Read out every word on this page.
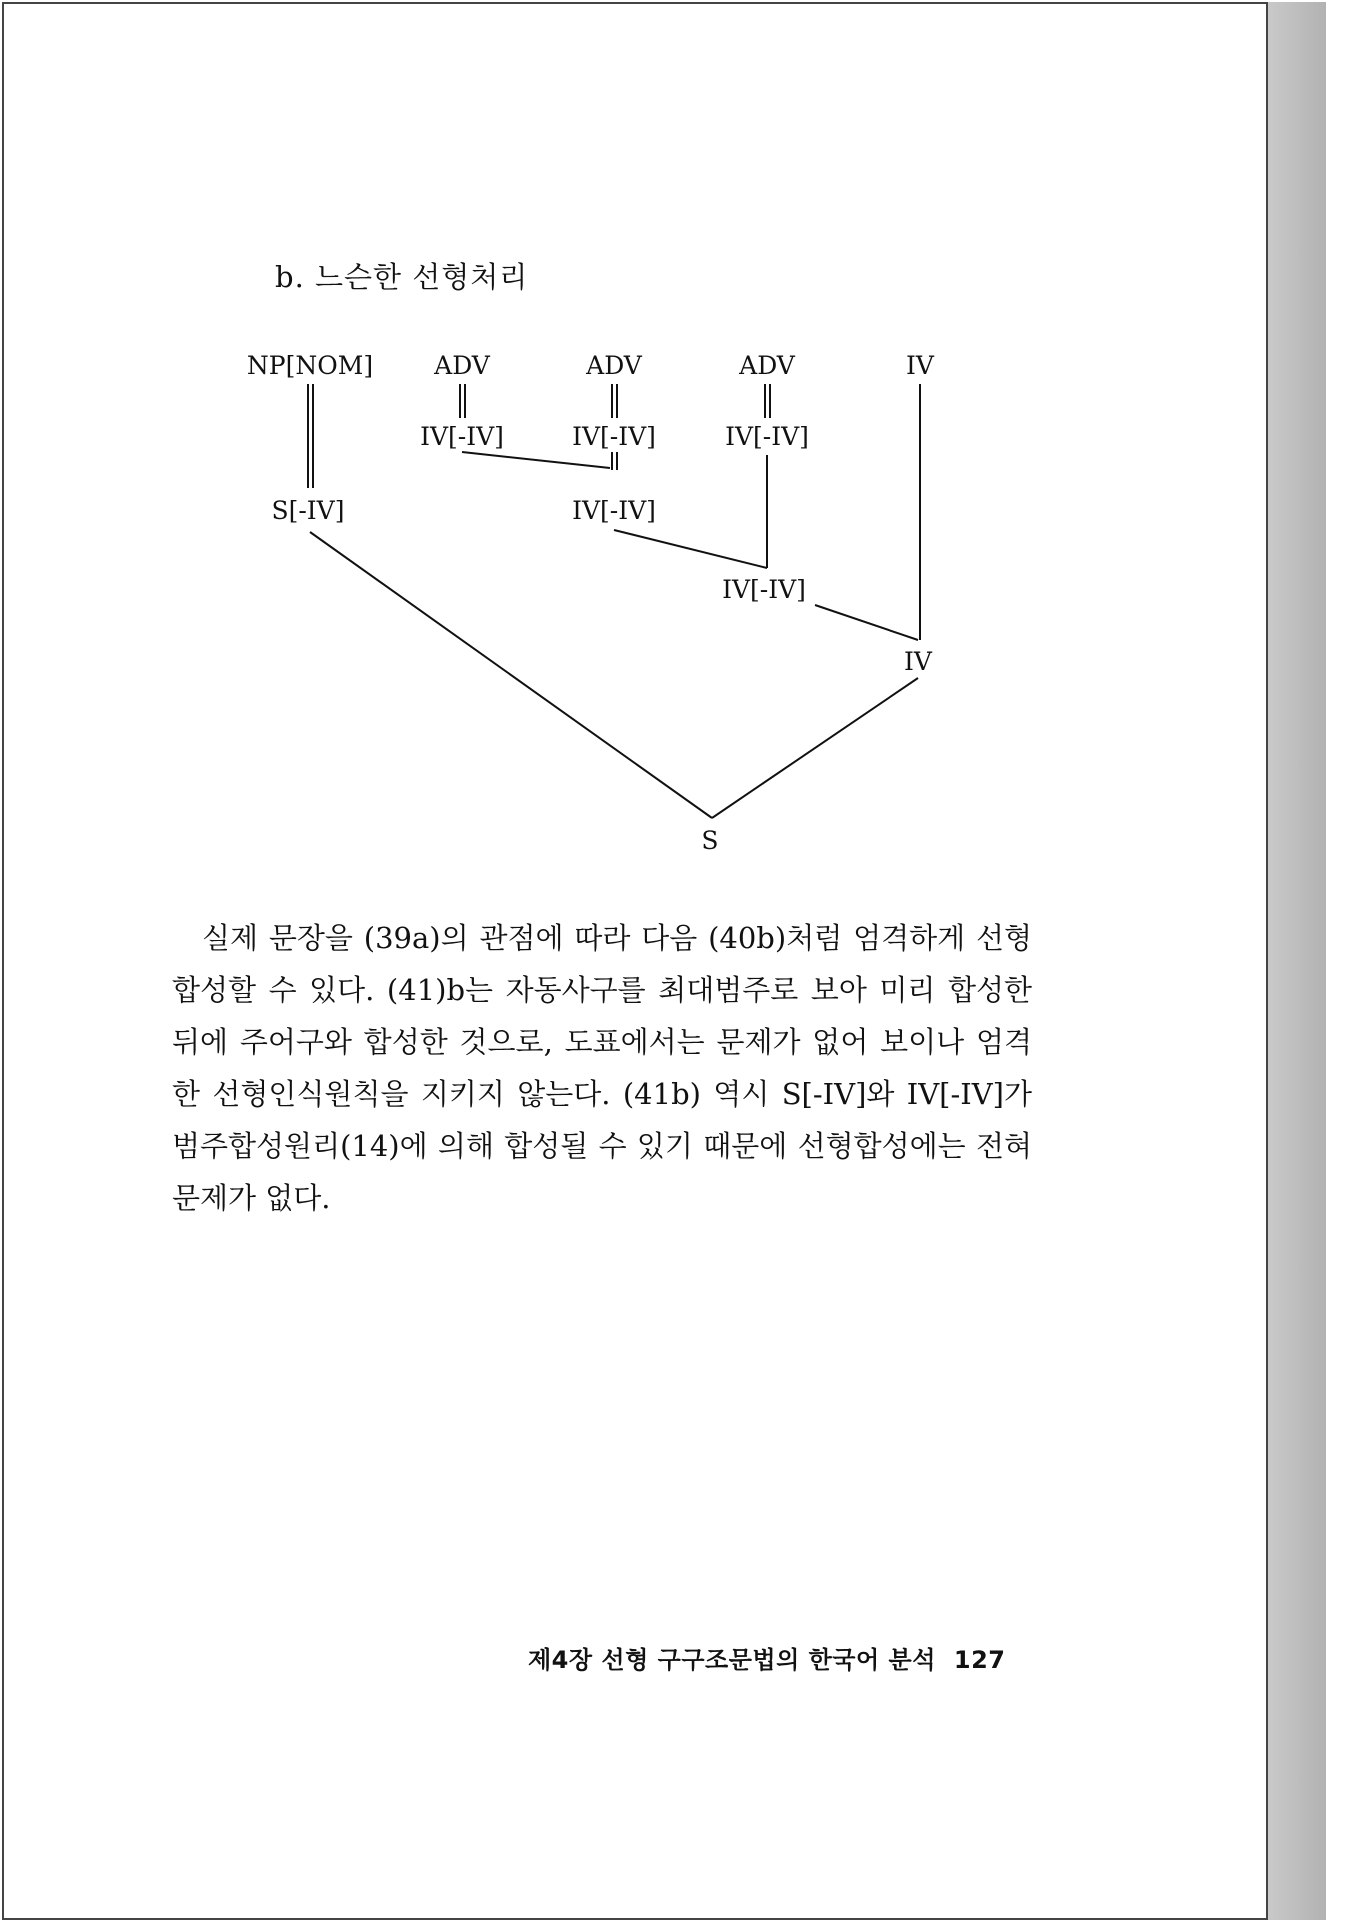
b. 느슨한 선형처리
NP[NOM] ADV	ADV	ADV	IV
IV[-IV]	IV[-IV]	IV[-IV]
S[-IV]	IV[-IV]
IV[-IV]
IV
S

실제 문장을 (39a)의 관점에 따라 다음 (40b)처럼 엄격하게 선형합성할 수 있다. (41)b는 자동사구를 최대범주로 보아 미리 합성한 뒤에 주어구와 합성한 것으로, 도표에서는 문제가 없어 보이나 엄격한 선형인식원칙을 지키지 않는다. (41b) 역시 S[-IV]와 IV[-IV]가 범주합성원리(14)에 의해 합성될 수 있기 때문에 선형합성에는 전혀 문제가 없다.

제4장 선형 구구조문법의 한국어 분석 127
